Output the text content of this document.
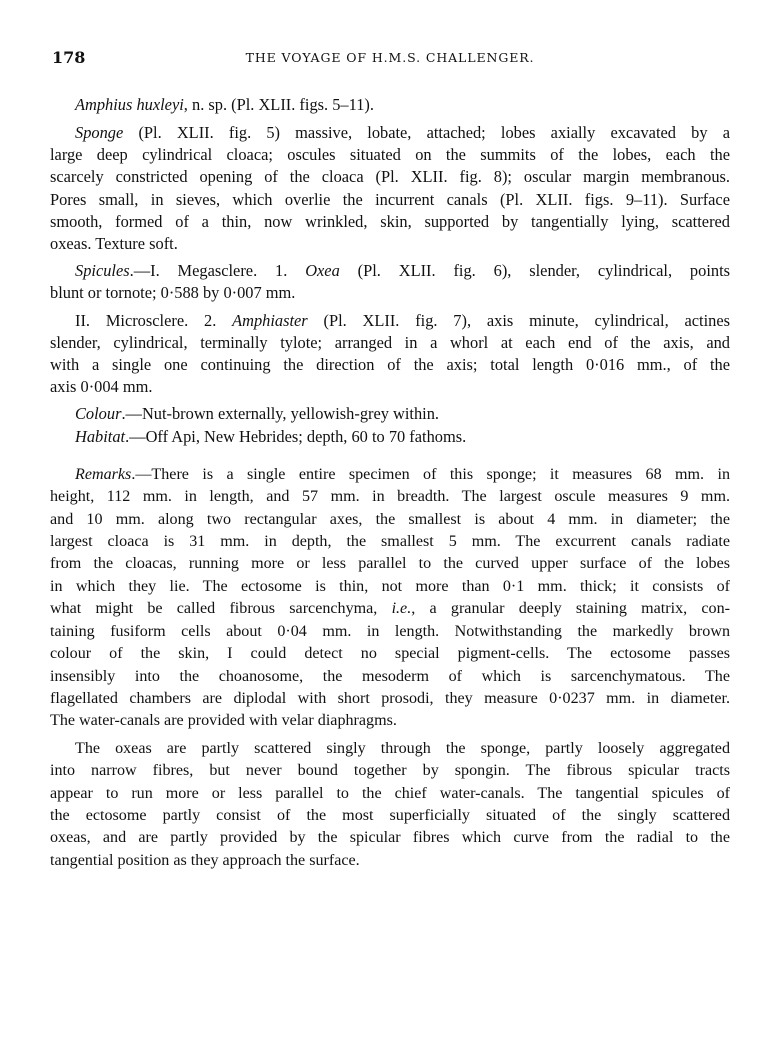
178	THE VOYAGE OF H.M.S. CHALLENGER.
Amphius huxleyi, n. sp. (Pl. XLII. figs. 5–11).

Sponge (Pl. XLII. fig. 5) massive, lobate, attached; lobes axially excavated by a
large deep cylindrical cloaca; oscules situated on the summits of the lobes, each the
scarcely constricted opening of the cloaca (Pl. XLII. fig. 8); oscular margin membranous.
Pores small, in sieves, which overlie the incurrent canals (Pl. XLII. figs. 9–11). Surface
smooth, formed of a thin, now wrinkled, skin, supported by tangentially lying, scattered
oxeas. Texture soft.

Spicules.—I. Megasclere. 1. Oxea (Pl. XLII. fig. 6), slender, cylindrical, points
blunt or tornote; 0·588 by 0·007 mm.

II. Microsclere. 2. Amphiaster (Pl. XLII. fig. 7), axis minute, cylindrical, actines
slender, cylindrical, terminally tylote; arranged in a whorl at each end of the axis, and
with a single one continuing the direction of the axis; total length 0·016 mm., of the
axis 0·004 mm.

Colour.—Nut-brown externally, yellowish-grey within.

Habitat.—Off Api, New Hebrides; depth, 60 to 70 fathoms.

Remarks.—There is a single entire specimen of this sponge; it measures 68 mm. in
height, 112 mm. in length, and 57 mm. in breadth. The largest oscule measures 9 mm.
and 10 mm. along two rectangular axes, the smallest is about 4 mm. in diameter; the
largest cloaca is 31 mm. in depth, the smallest 5 mm. The excurrent canals radiate
from the cloacas, running more or less parallel to the curved upper surface of the lobes
in which they lie. The ectosome is thin, not more than 0·1 mm. thick; it consists of
what might be called fibrous sarcenchyma, i.e., a granular deeply staining matrix, con-
taining fusiform cells about 0·04 mm. in length. Notwithstanding the markedly brown
colour of the skin, I could detect no special pigment-cells. The ectosome passes
insensibly into the choanosome, the mesoderm of which is sarcenchymatous. The
flagellated chambers are diplodal with short prosodi, they measure 0·0237 mm. in diameter.
The water-canals are provided with velar diaphragms.

The oxeas are partly scattered singly through the sponge, partly loosely aggregated
into narrow fibres, but never bound together by spongin. The fibrous spicular tracts
appear to run more or less parallel to the chief water-canals. The tangential spicules of
the ectosome partly consist of the most superficially situated of the singly scattered
oxeas, and are partly provided by the spicular fibres which curve from the radial to the
tangential position as they approach the surface.
